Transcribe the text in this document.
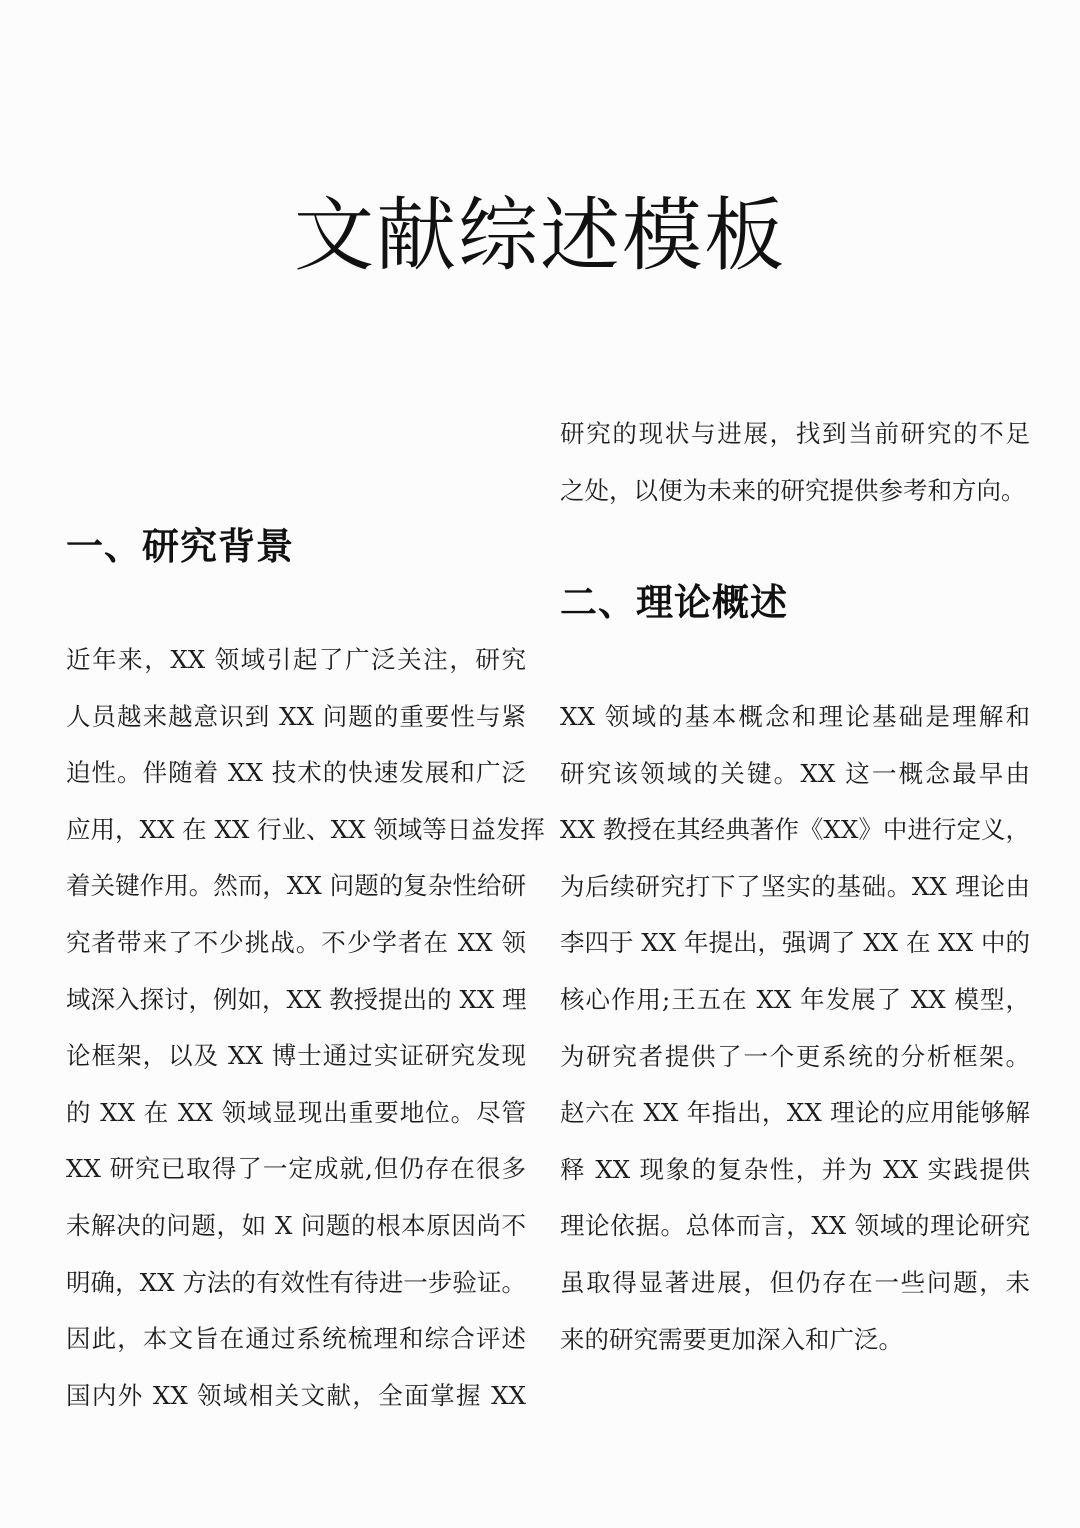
文献综述模板
一、研究背景
近年来，XX 领域引起了广泛关注，研究
人员越来越意识到 XX 问题的重要性与紧
迫性。伴随着 XX 技术的快速发展和广泛
应用，XX 在 XX 行业、XX 领域等日益发挥
着关键作用。然而，XX 问题的复杂性给研
究者带来了不少挑战。不少学者在 XX 领
域深入探讨，例如，XX 教授提出的 XX 理
论框架，以及 XX 博士通过实证研究发现
的 XX 在 XX 领域显现出重要地位。尽管
XX 研究已取得了一定成就,但仍存在很多
未解决的问题，如 X 问题的根本原因尚不
明确，XX 方法的有效性有待进一步验证。
因此，本文旨在通过系统梳理和综合评述
国内外 XX 领域相关文献，全面掌握 XX
研究的现状与进展，找到当前研究的不足
之处，以便为未来的研究提供参考和方向。
二、理论概述
XX 领域的基本概念和理论基础是理解和
研究该领域的关键。XX 这一概念最早由
XX 教授在其经典著作《XX》中进行定义，
为后续研究打下了坚实的基础。XX 理论由
李四于 XX 年提出，强调了 XX 在 XX 中的
核心作用;王五在 XX 年发展了 XX 模型，
为研究者提供了一个更系统的分析框架。
赵六在 XX 年指出，XX 理论的应用能够解
释 XX 现象的复杂性，并为 XX 实践提供
理论依据。总体而言，XX 领域的理论研究
虽取得显著进展，但仍存在一些问题，未
来的研究需要更加深入和广泛。
